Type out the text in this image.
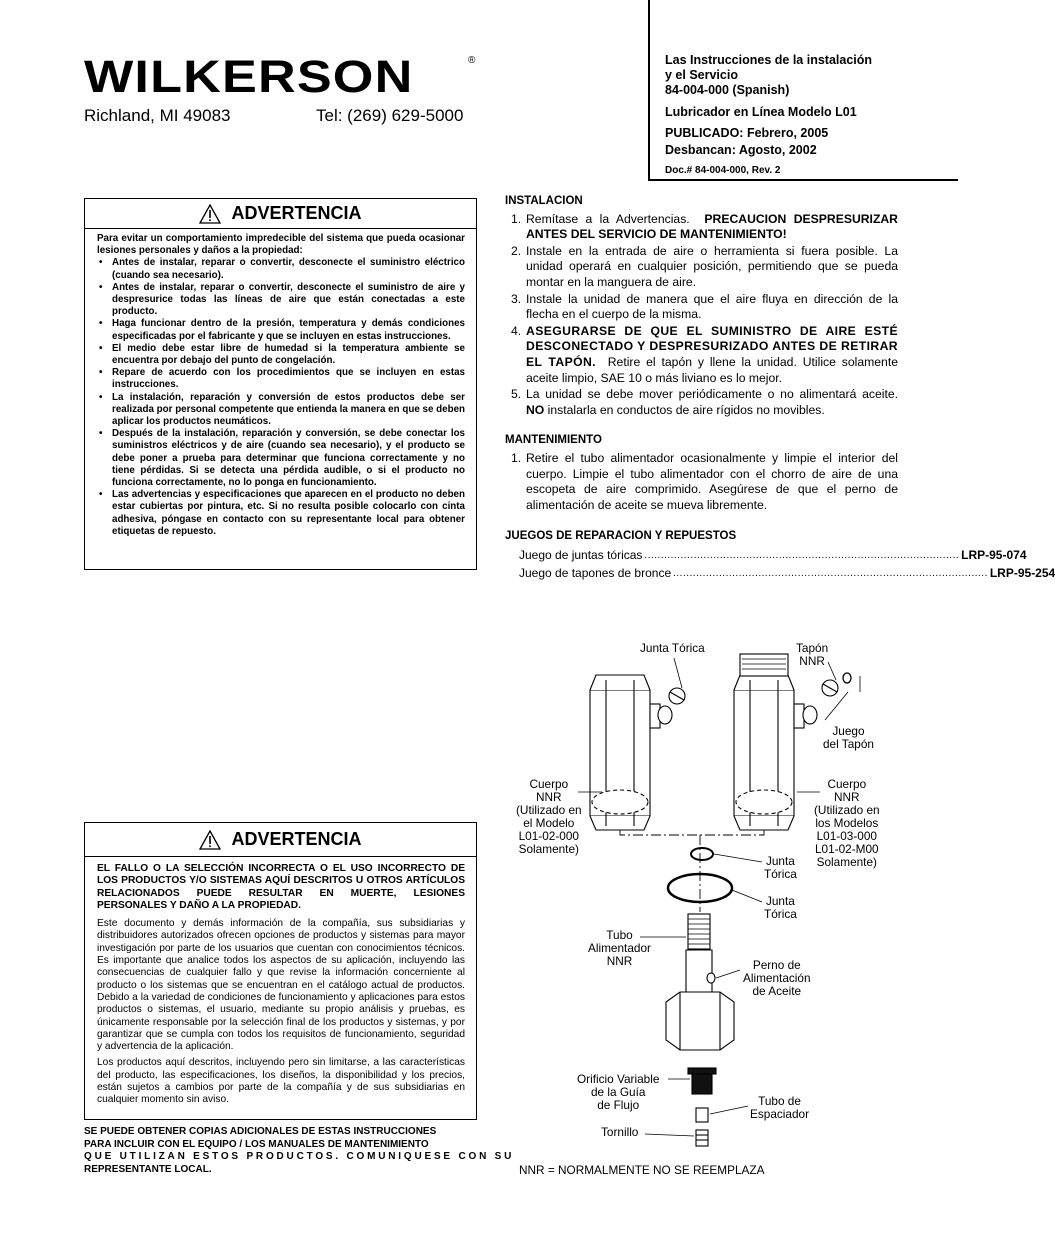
WILKERSON	®
Richland, MI 49083	Tel: (269) 629-5000
Las Instrucciones de la instalación
y el Servicio
84-004-000 (Spanish)
Lubricador en Línea Modelo L01
PUBLICADO: Febrero, 2005
Desbancan: Agosto, 2002
Doc.# 84-004-000, Rev. 2
ADVERTENCIA
Para evitar un comportamiento impredecible del sistema que pueda ocasionar lesiones personales y daños a la propiedad:
• Antes de instalar, reparar o convertir, desconecte el suministro eléctrico (cuando sea necesario).
• Antes de instalar, reparar o convertir, desconecte el suministro de aire y despresurice todas las líneas de aire que están conectadas a este producto.
• Haga funcionar dentro de la presión, temperatura y demás condiciones especificadas por el fabricante y que se incluyen en estas instrucciones.
• El medio debe estar libre de humedad si la temperatura ambiente se encuentra por debajo del punto de congelación.
• Repare de acuerdo con los procedimientos que se incluyen en estas instrucciones.
• La instalación, reparación y conversión de estos productos debe ser realizada por personal competente que entienda la manera en que se deben aplicar los productos neumáticos.
• Después de la instalación, reparación y conversión, se debe conectar los suministros eléctricos y de aire (cuando sea necesario), y el producto se debe poner a prueba para determinar que funciona correctamente y no tiene pérdidas. Si se detecta una pérdida audible, o si el producto no funciona correctamente, no lo ponga en funcionamiento.
• Las advertencias y especificaciones que aparecen en el producto no deben estar cubiertas por pintura, etc. Si no resulta posible colocarlo con cinta adhesiva, póngase en contacto con su representante local para obtener etiquetas de repuesto.
ADVERTENCIA

EL FALLO O LA SELECCIÓN INCORRECTA O EL USO INCORRECTO DE LOS PRODUCTOS Y/O SISTEMAS AQUÍ DESCRITOS U OTROS ARTÍCULOS RELACIONADOS PUEDE RESULTAR EN MUERTE, LESIONES PERSONALES Y DAÑO A LA PROPIEDAD.

Este documento y demás información de la compañía, sus subsidiarias y distribuidores autorizados ofrecen opciones de productos y sistemas para mayor investigación por parte de los usuarios que cuentan con conocimientos técnicos. Es importante que analice todos los aspectos de su aplicación, incluyendo las consecuencias de cualquier fallo y que revise la información concerniente al producto o los sistemas que se encuentran en el catálogo actual de productos. Debido a la variedad de condiciones de funcionamiento y aplicaciones para estos productos o sistemas, el usuario, mediante su propio análisis y pruebas, es únicamente responsable por la selección final de los productos y sistemas, y por garantizar que se cumpla con todos los requisitos de funcionamiento, seguridad y advertencia de la aplicación.

Los productos aquí descritos, incluyendo pero sin limitarse, a las características del producto, las especificaciones, los diseños, la disponibilidad y los precios, están sujetos a cambios por parte de la compañía y de sus subsidiarias en cualquier momento sin aviso.

SE PUEDE OBTENER COPIAS ADICIONALES DE ESTAS INSTRUCCIONES
PARA INCLUIR CON EL EQUIPO / LOS MANUALES DE MANTENIMIENTO
QUE UTILIZAN ESTOS PRODUCTOS. COMUNIQUESE CON SU
REPRESENTANTE LOCAL.
INSTALACION
1. Remítase a la Advertencias. PRECAUCION DESPRESURIZAR ANTES DEL SERVICIO DE MANTENIMIENTO!
2. Instale en la entrada de aire o herramienta si fuera posible. La unidad operará en cualquier posición, permitiendo que se pueda montar en la manguera de aire.
3. Instale la unidad de manera que el aire fluya en dirección de la flecha en el cuerpo de la misma.
4. ASEGURARSE DE QUE EL SUMINISTRO DE AIRE ESTÉ DESCONECTADO Y DESPRESURIZADO ANTES DE RETIRAR EL TAPÓN. Retire el tapón y llene la unidad. Utilice solamente aceite limpio, SAE 10 o más liviano es lo mejor.
5. La unidad se debe mover periódicamente o no alimentará aceite. NO instalarla en conductos de aire rígidos no movibles.
MANTENIMIENTO
1. Retire el tubo alimentador ocasionalmente y limpie el interior del cuerpo. Limpie el tubo alimentador con el chorro de aire de una escopeta de aire comprimido. Asegúrese de que el perno de alimentación de aceite se mueva libremente.
JUEGOS DE REPARACION Y REPUESTOS
Juego de juntas tóricas ................................................................................................ LRP-95-074
Juego de tapones de bronce ................................................................................................ LRP-95-254
Junta Tórica	Tapón
NNR
Juego
del Tapón
Cuerpo
NNR
(Utilizado en
el Modelo
L01-02-000
Solamente)
Cuerpo
NNR
(Utilizado en
los Modelos
L01-03-000
L01-02-M00
Solamente)
Junta
Tórica
Junta
Tórica
Tubo
Alimentador
NNR	Perno de
Alimentación
de Aceite
Orificio Variable
de la Guía
de Flujo	Tubo de
Espaciador
Tornillo
NNR = NORMALMENTE NO SE REEMPLAZA
